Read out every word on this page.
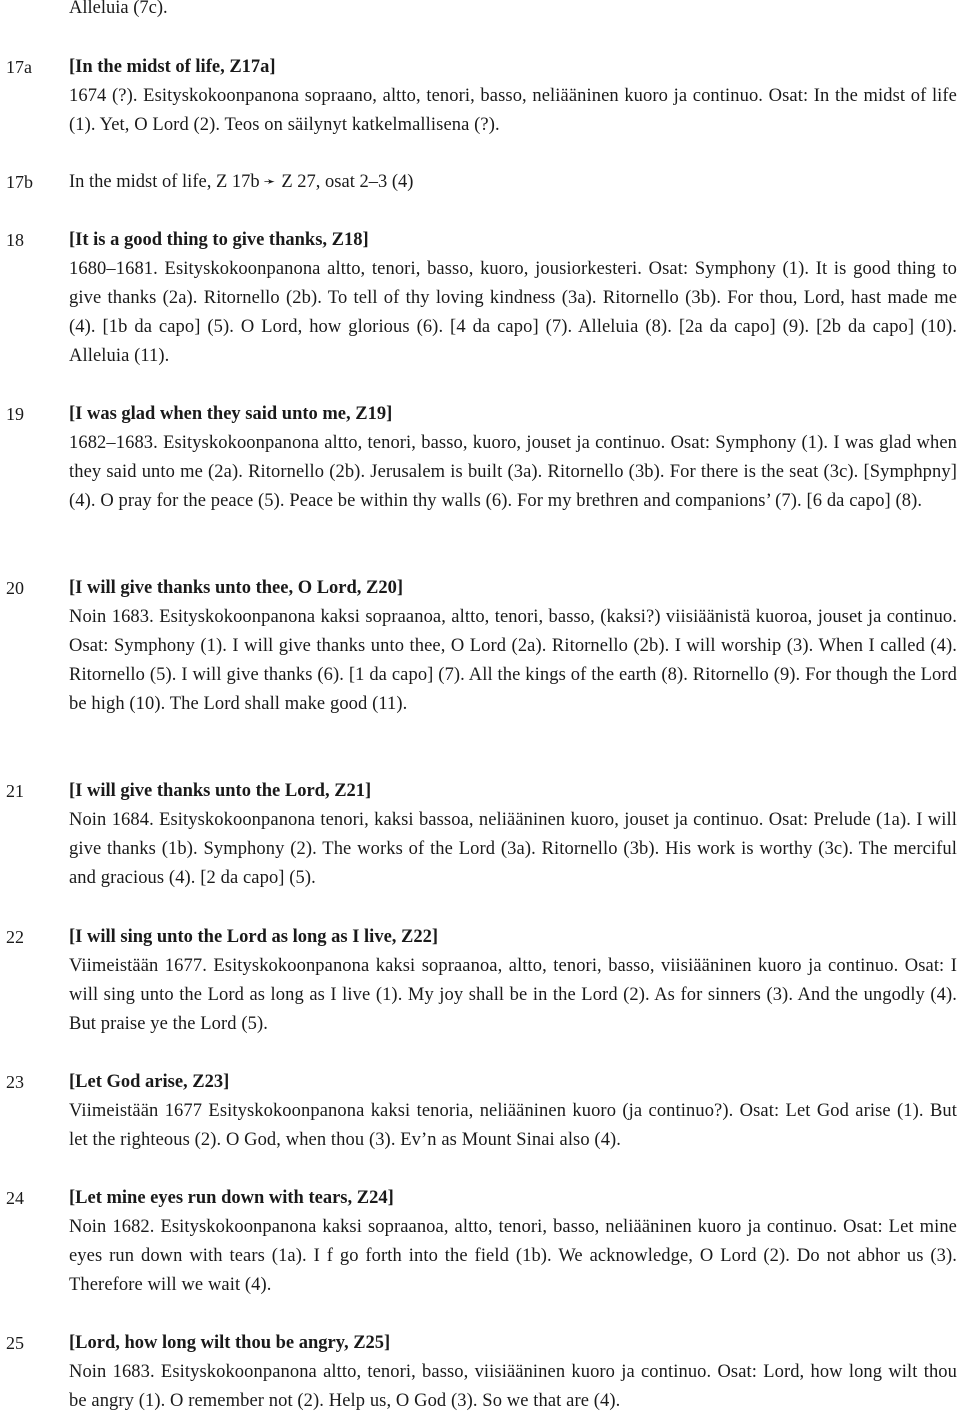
Alleluia (7c).
17a [In the midst of life, Z17a]
1674 (?). Esityskokoonpanona sopraano, altto, tenori, basso, neliääninen kuoro ja continuo. Osat: In the midst of life (1). Yet, O Lord (2). Teos on säilynyt katkelmallisena (?).
17b In the midst of life, Z 17b ➛ Z 27, osat 2–3 (4)
18 [It is a good thing to give thanks, Z18]
1680–1681. Esityskokoonpanona altto, tenori, basso, kuoro, jousiorkesteri. Osat: Symphony (1). It is good thing to give thanks (2a). Ritornello (2b). To tell of thy loving kindness (3a). Ritornello (3b). For thou, Lord, hast made me (4). [1b da capo] (5). O Lord, how glorious (6). [4 da capo] (7). Alleluia (8). [2a da capo] (9). [2b da capo] (10). Alleluia (11).
19 [I was glad when they said unto me, Z19]
1682–1683. Esityskokoonpanona altto, tenori, basso, kuoro, jouset ja continuo. Osat: Symphony (1). I was glad when they said unto me (2a). Ritornello (2b). Jerusalem is built (3a). Ritornello (3b). For there is the seat (3c). [Symphpny] (4). O pray for the peace (5). Peace be within thy walls (6). For my brethren and companions’ (7). [6 da capo] (8).
20 [I will give thanks unto thee, O Lord, Z20]
Noin 1683. Esityskokoonpanona kaksi sopraanoa, altto, tenori, basso, (kaksi?) viisiäänistä kuoroa, jouset ja continuo. Osat: Symphony (1). I will give thanks unto thee, O Lord (2a). Ritornello (2b). I will worship (3). When I called (4). Ritornello (5). I will give thanks (6). [1 da capo] (7). All the kings of the earth (8). Ritornello (9). For though the Lord be high (10). The Lord shall make good (11).
21 [I will give thanks unto the Lord, Z21]
Noin 1684. Esityskokoonpanona tenori, kaksi bassoa, neliääninen kuoro, jouset ja continuo. Osat: Prelude (1a). I will give thanks (1b). Symphony (2). The works of the Lord (3a). Ritornello (3b). His work is worthy (3c). The merciful and gracious (4). [2 da capo] (5).
22 [I will sing unto the Lord as long as I live, Z22]
Viimeistään 1677. Esityskokoonpanona kaksi sopraanoa, altto, tenori, basso, viisiääninen kuoro ja continuo. Osat: I will sing unto the Lord as long as I live (1). My joy shall be in the Lord (2). As for sinners (3). And the ungodly (4). But praise ye the Lord (5).
23 [Let God arise, Z23]
Viimeistään 1677 Esityskokoonpanona kaksi tenoria, neliääninen kuoro (ja continuo?). Osat: Let God arise (1). But let the righteous (2). O God, when thou (3). Ev’n as Mount Sinai also (4).
24 [Let mine eyes run down with tears, Z24]
Noin 1682. Esityskokoonpanona kaksi sopraanoa, altto, tenori, basso, neliääninen kuoro ja continuo. Osat: Let mine eyes run down with tears (1a). I f go forth into the field (1b). We acknowledge, O Lord (2). Do not abhor us (3). Therefore will we wait (4).
25 [Lord, how long wilt thou be angry, Z25]
Noin 1683. Esityskokoonpanona altto, tenori, basso, viisiääninen kuoro ja continuo. Osat: Lord, how long wilt thou be angry (1). O remember not (2). Help us, O God (3). So we that are (4).
